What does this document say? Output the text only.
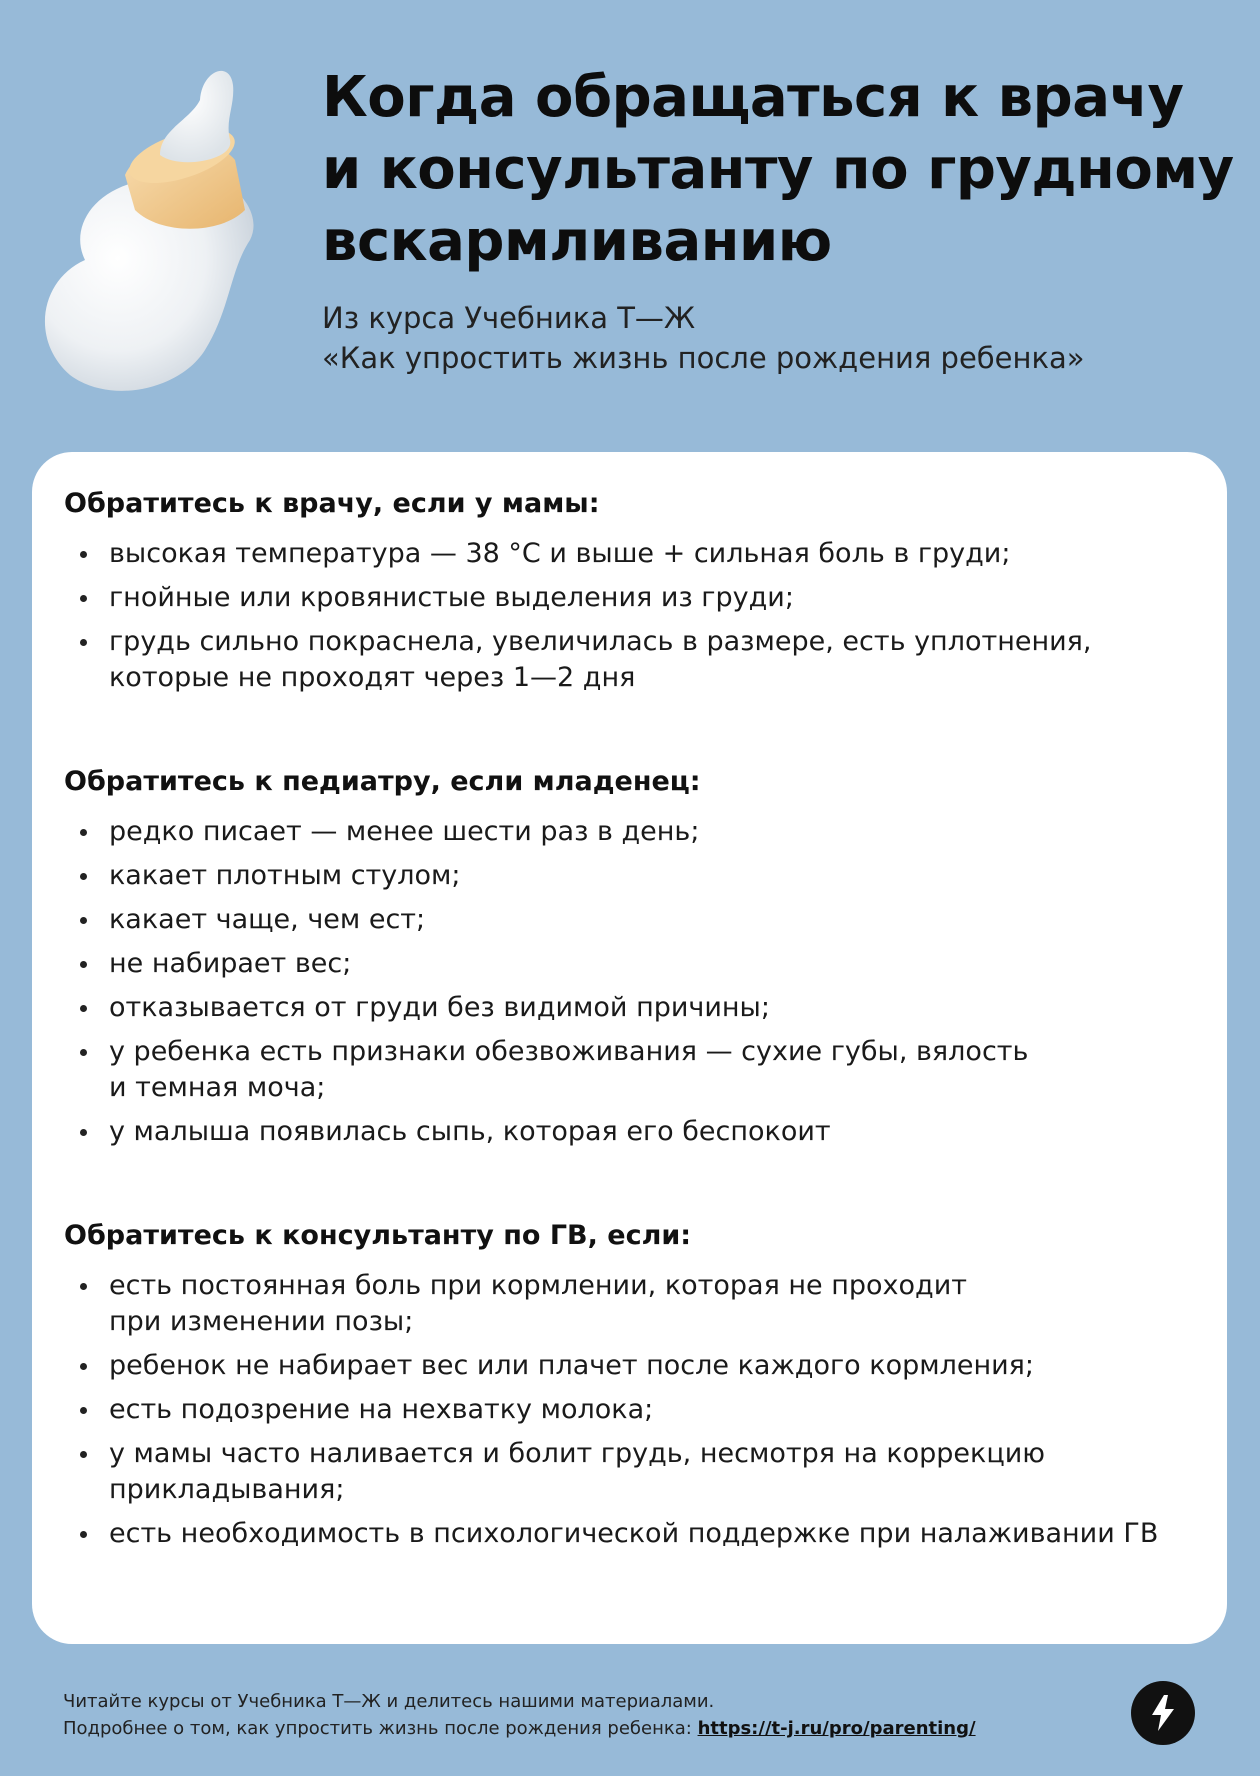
Когда обращаться к врачу
и консультанту по грудному
вскармливанию
Из курса Учебника Т—Ж
«Как упростить жизнь после рождения ребенка»
Обратитесь к врачу, если у мамы:
высокая температура — 38 °С и выше + сильная боль в груди;
гнойные или кровянистые выделения из груди;
грудь сильно покраснела, увеличилась в размере, есть уплотнения,
которые не проходят через 1—2 дня
Обратитесь к педиатру, если младенец:
редко писает — менее шести раз в день;
какает плотным стулом;
какает чаще, чем ест;
не набирает вес;
отказывается от груди без видимой причины;
у ребенка есть признаки обезвоживания — сухие губы, вялость
и темная моча;
у малыша появилась сыпь, которая его беспокоит
Обратитесь к консультанту по ГВ, если:
есть постоянная боль при кормлении, которая не проходит
при изменении позы;
ребенок не набирает вес или плачет после каждого кормления;
есть подозрение на нехватку молока;
у мамы часто наливается и болит грудь, несмотря на коррекцию
прикладывания;
есть необходимость в психологической поддержке при налаживании ГВ
Читайте курсы от Учебника Т—Ж и делитесь нашими материалами.
Подробнее о том, как упростить жизнь после рождения ребенка: https://t-j.ru/pro/parenting/
